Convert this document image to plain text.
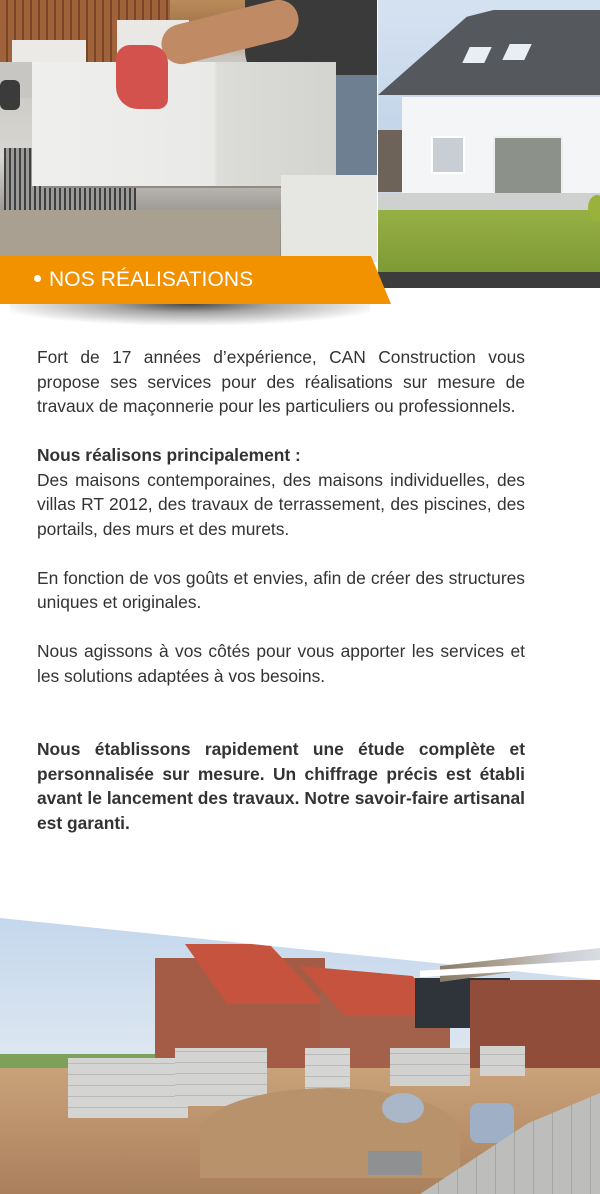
NOS RÉALISATIONS

Fort de 17 années d’expérience, CAN Construction vous propose ses services pour des réalisations sur mesure de travaux de maçonnerie pour les particuliers ou professionnels.

Nous réalisons principalement :

Des maisons contemporaines, des maisons individuelles, des villas RT 2012, des travaux de terrassement, des piscines, des portails, des murs et des murets.

En fonction de vos goûts et envies, afin de créer des structures uniques et originales.

Nous agissons à vos côtés pour vous apporter les services et les solutions adaptées à vos besoins.

Nous établissons rapidement une étude complète et personnalisée sur mesure. Un chiffrage précis est établi avant le lancement des travaux. Notre savoir-faire artisanal est garanti.
